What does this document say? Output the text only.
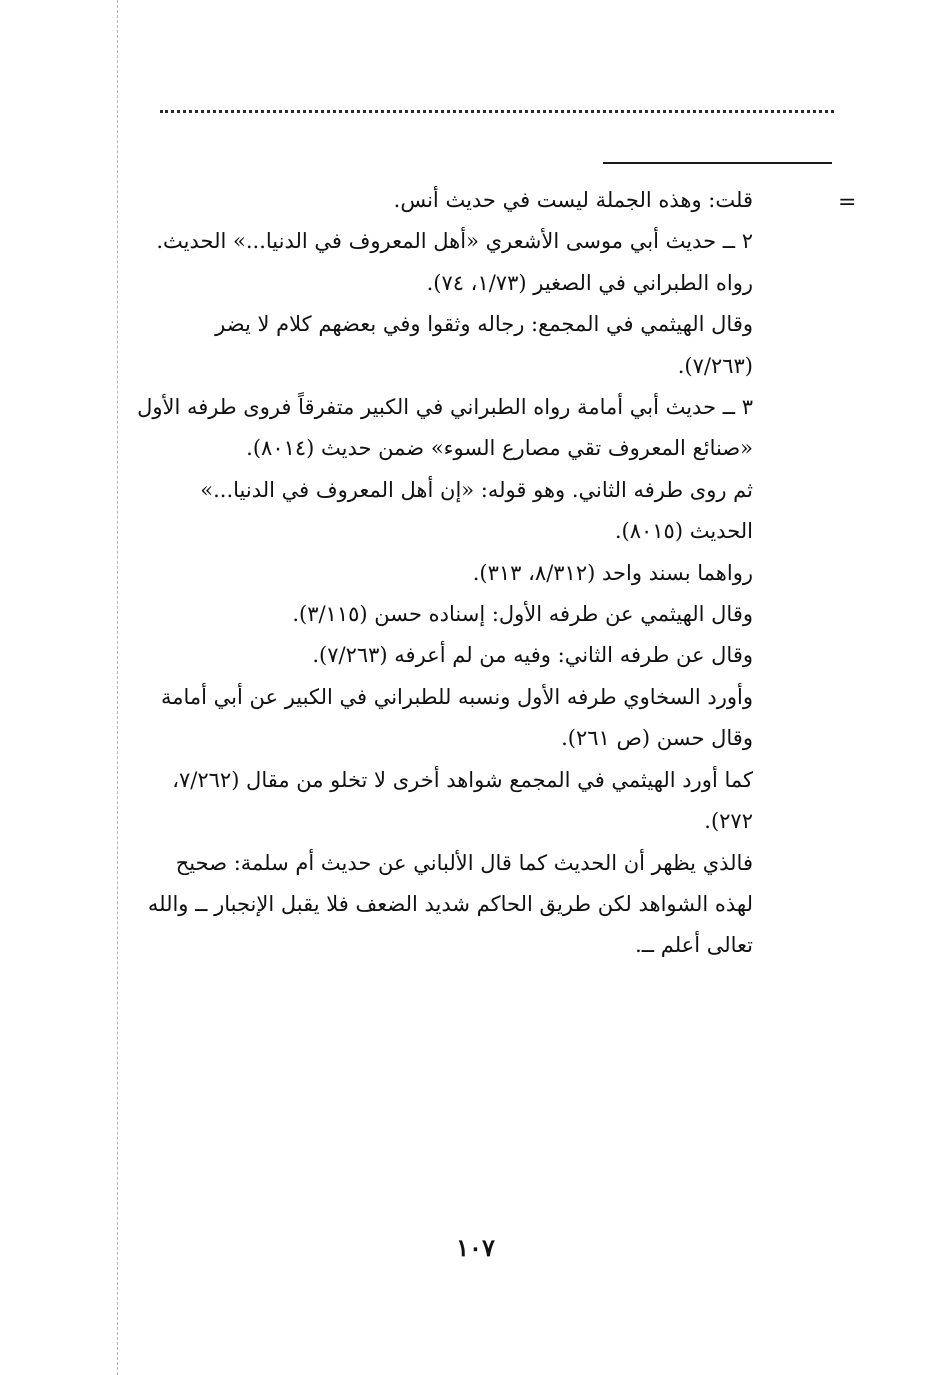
=

قلت: وهذه الجملة ليست في حديث أنس.

٢ ــ حديث أبي موسى الأشعري «أهل المعروف في الدنيا...» الحديث.

رواه الطبراني في الصغير (١/٧٣، ٧٤).

وقال الهيثمي في المجمع: رجاله وثقوا وفي بعضهم كلام لا يضر (٧/٢٦٣).

٣ ــ حديث أبي أمامة رواه الطبراني في الكبير متفرقاً فروى طرفه الأول «صنائع المعروف تقي مصارع السوء» ضمن حديث (٨٠١٤).

ثم روى طرفه الثاني. وهو قوله: «إن أهل المعروف في الدنيا...» الحديث (٨٠١٥).

رواهما بسند واحد (٨/٣١٢، ٣١٣).

وقال الهيثمي عن طرفه الأول: إسناده حسن (٣/١١٥).

وقال عن طرفه الثاني: وفيه من لم أعرفه (٧/٢٦٣).

وأورد السخاوي طرفه الأول ونسبه للطبراني في الكبير عن أبي أمامة وقال حسن (ص ٢٦١).

كما أورد الهيثمي في المجمع شواهد أخرى لا تخلو من مقال (٧/٢٦٢، ٢٧٢).

فالذي يظهر أن الحديث كما قال الألباني عن حديث أم سلمة: صحيح لهذه الشواهد لكن طريق الحاكم شديد الضعف فلا يقبل الإنجبار ــ والله تعالى أعلم ــ.

١٠٧
